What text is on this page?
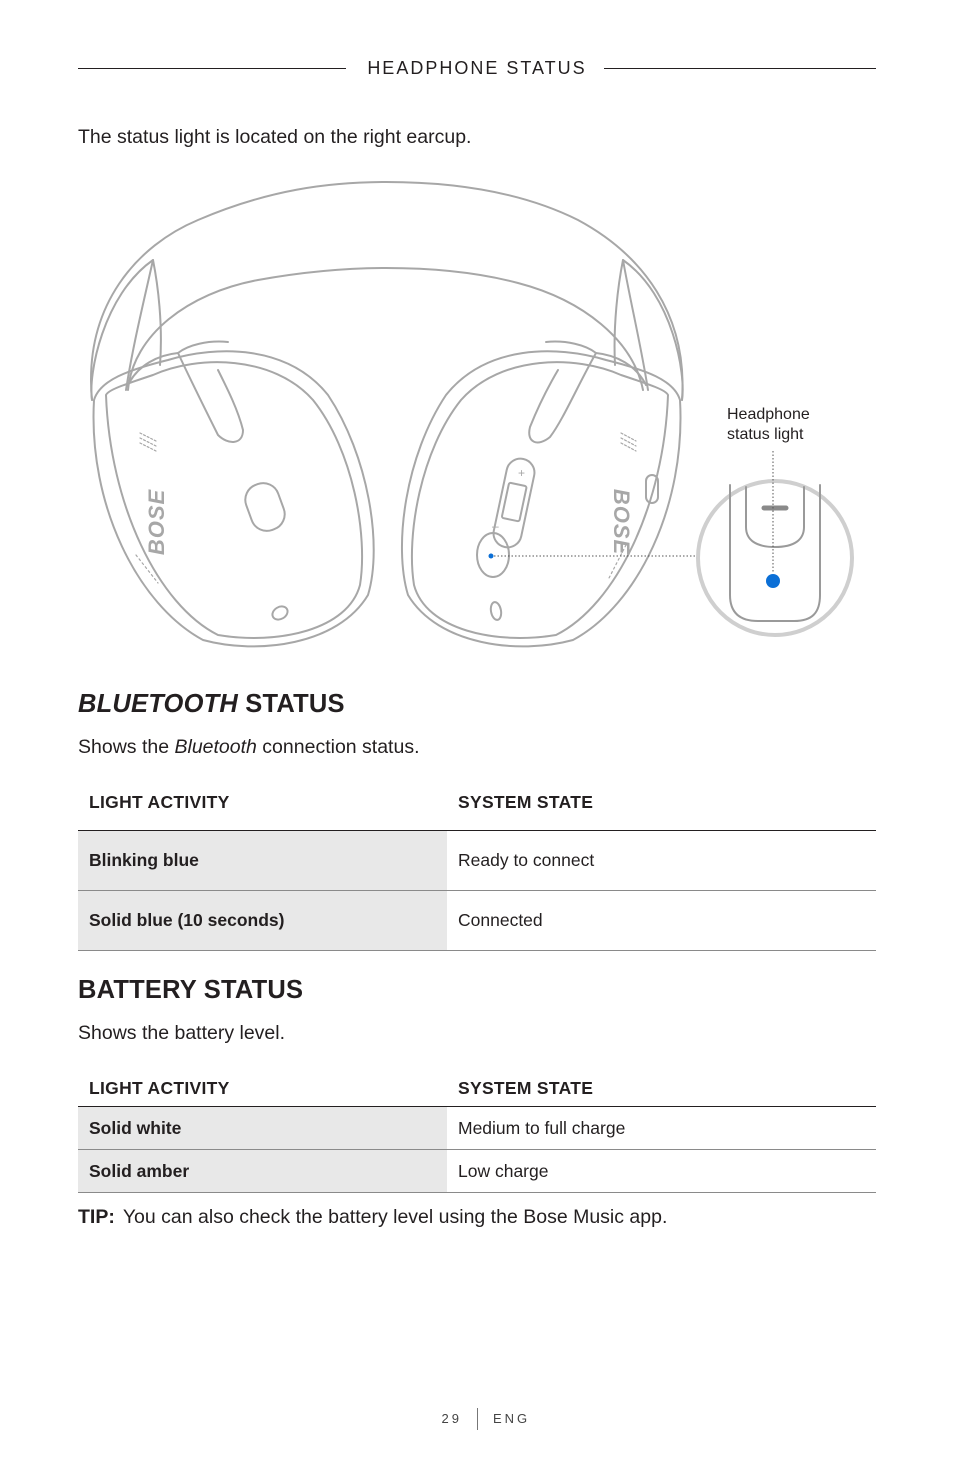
HEADPHONE STATUS
The status light is located on the right earcup.
BOSE	BOSE
+
–
Headphone
status light
BLUETOOTH STATUS
Shows the Bluetooth connection status.
LIGHT ACTIVITY	SYSTEM STATE
Blinking blue	Ready to connect
Solid blue (10 seconds)	Connected
BATTERY STATUS
Shows the battery level.
LIGHT ACTIVITY	SYSTEM STATE
Solid white	Medium to full charge
Solid amber	Low charge
TIP: You can also check the battery level using the Bose Music app.
29 ENG
